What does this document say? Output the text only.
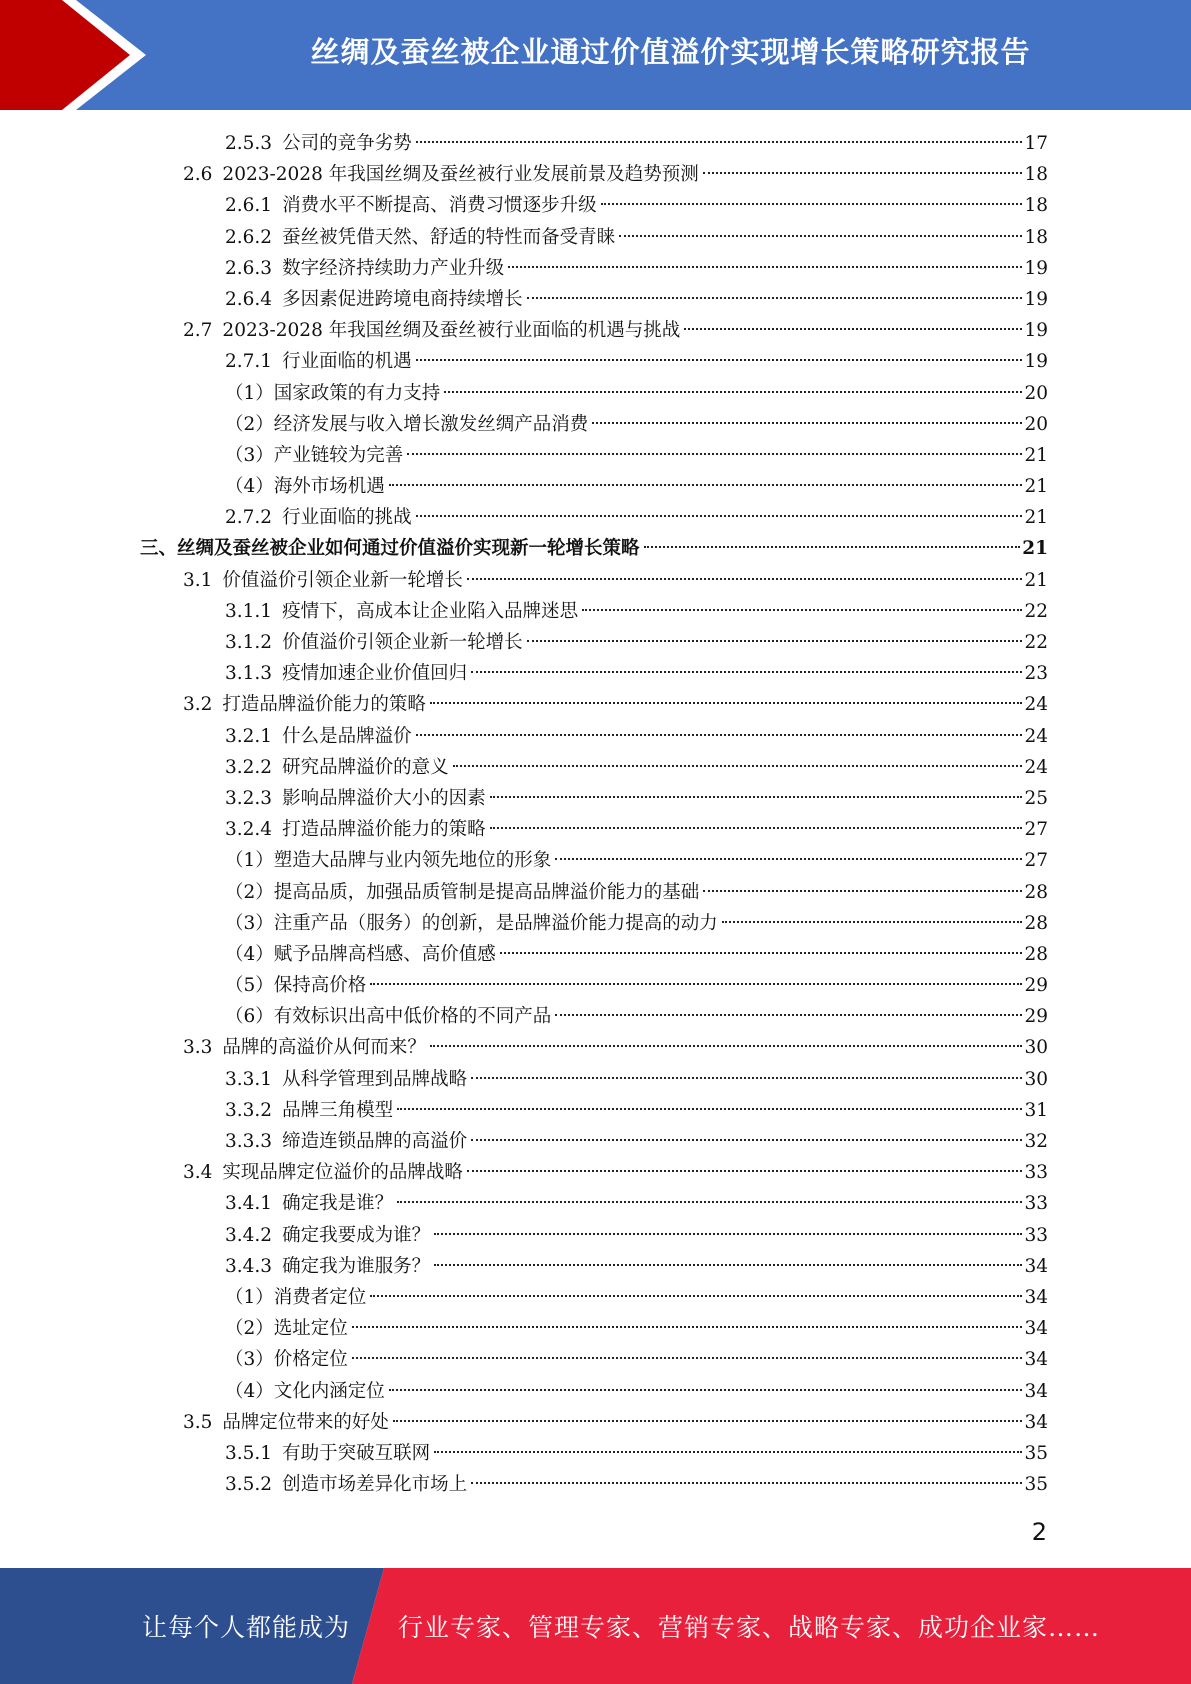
丝绸及蚕丝被企业通过价值溢价实现增长策略研究报告
2.5.3 公司的竞争劣势	17
2.6 2023-2028 年我国丝绸及蚕丝被行业发展前景及趋势预测	18
2.6.1 消费水平不断提高、消费习惯逐步升级	18
2.6.2 蚕丝被凭借天然、舒适的特性而备受青睐	18
2.6.3 数字经济持续助力产业升级	19
2.6.4 多因素促进跨境电商持续增长	19
2.7 2023-2028 年我国丝绸及蚕丝被行业面临的机遇与挑战	19
2.7.1 行业面临的机遇	19
（1）国家政策的有力支持	20
（2）经济发展与收入增长激发丝绸产品消费	20
（3）产业链较为完善	21
（4）海外市场机遇	21
2.7.2 行业面临的挑战	21
三、丝绸及蚕丝被企业如何通过价值溢价实现新一轮增长策略	21
3.1 价值溢价引领企业新一轮增长	21
3.1.1 疫情下，高成本让企业陷入品牌迷思	22
3.1.2 价值溢价引领企业新一轮增长	22
3.1.3 疫情加速企业价值回归	23
3.2 打造品牌溢价能力的策略	24
3.2.1 什么是品牌溢价	24
3.2.2 研究品牌溢价的意义	24
3.2.3 影响品牌溢价大小的因素	25
3.2.4 打造品牌溢价能力的策略	27
（1）塑造大品牌与业内领先地位的形象	27
（2）提高品质，加强品质管制是提高品牌溢价能力的基础	28
（3）注重产品（服务）的创新，是品牌溢价能力提高的动力	28
（4）赋予品牌高档感、高价值感	28
（5）保持高价格	29
（6）有效标识出高中低价格的不同产品	29
3.3 品牌的高溢价从何而来？	30
3.3.1 从科学管理到品牌战略	30
3.3.2 品牌三角模型	31
3.3.3 缔造连锁品牌的高溢价	32
3.4 实现品牌定位溢价的品牌战略	33
3.4.1 确定我是谁？	33
3.4.2 确定我要成为谁？	33
3.4.3 确定我为谁服务？	34
（1）消费者定位	34
（2）选址定位	34
（3）价格定位	34
（4）文化内涵定位	34
3.5 品牌定位带来的好处	34
3.5.1 有助于突破互联网	35
3.5.2 创造市场差异化市场上	35
2
让每个人都能成为 行业专家、管理专家、营销专家、战略专家、成功企业家……
